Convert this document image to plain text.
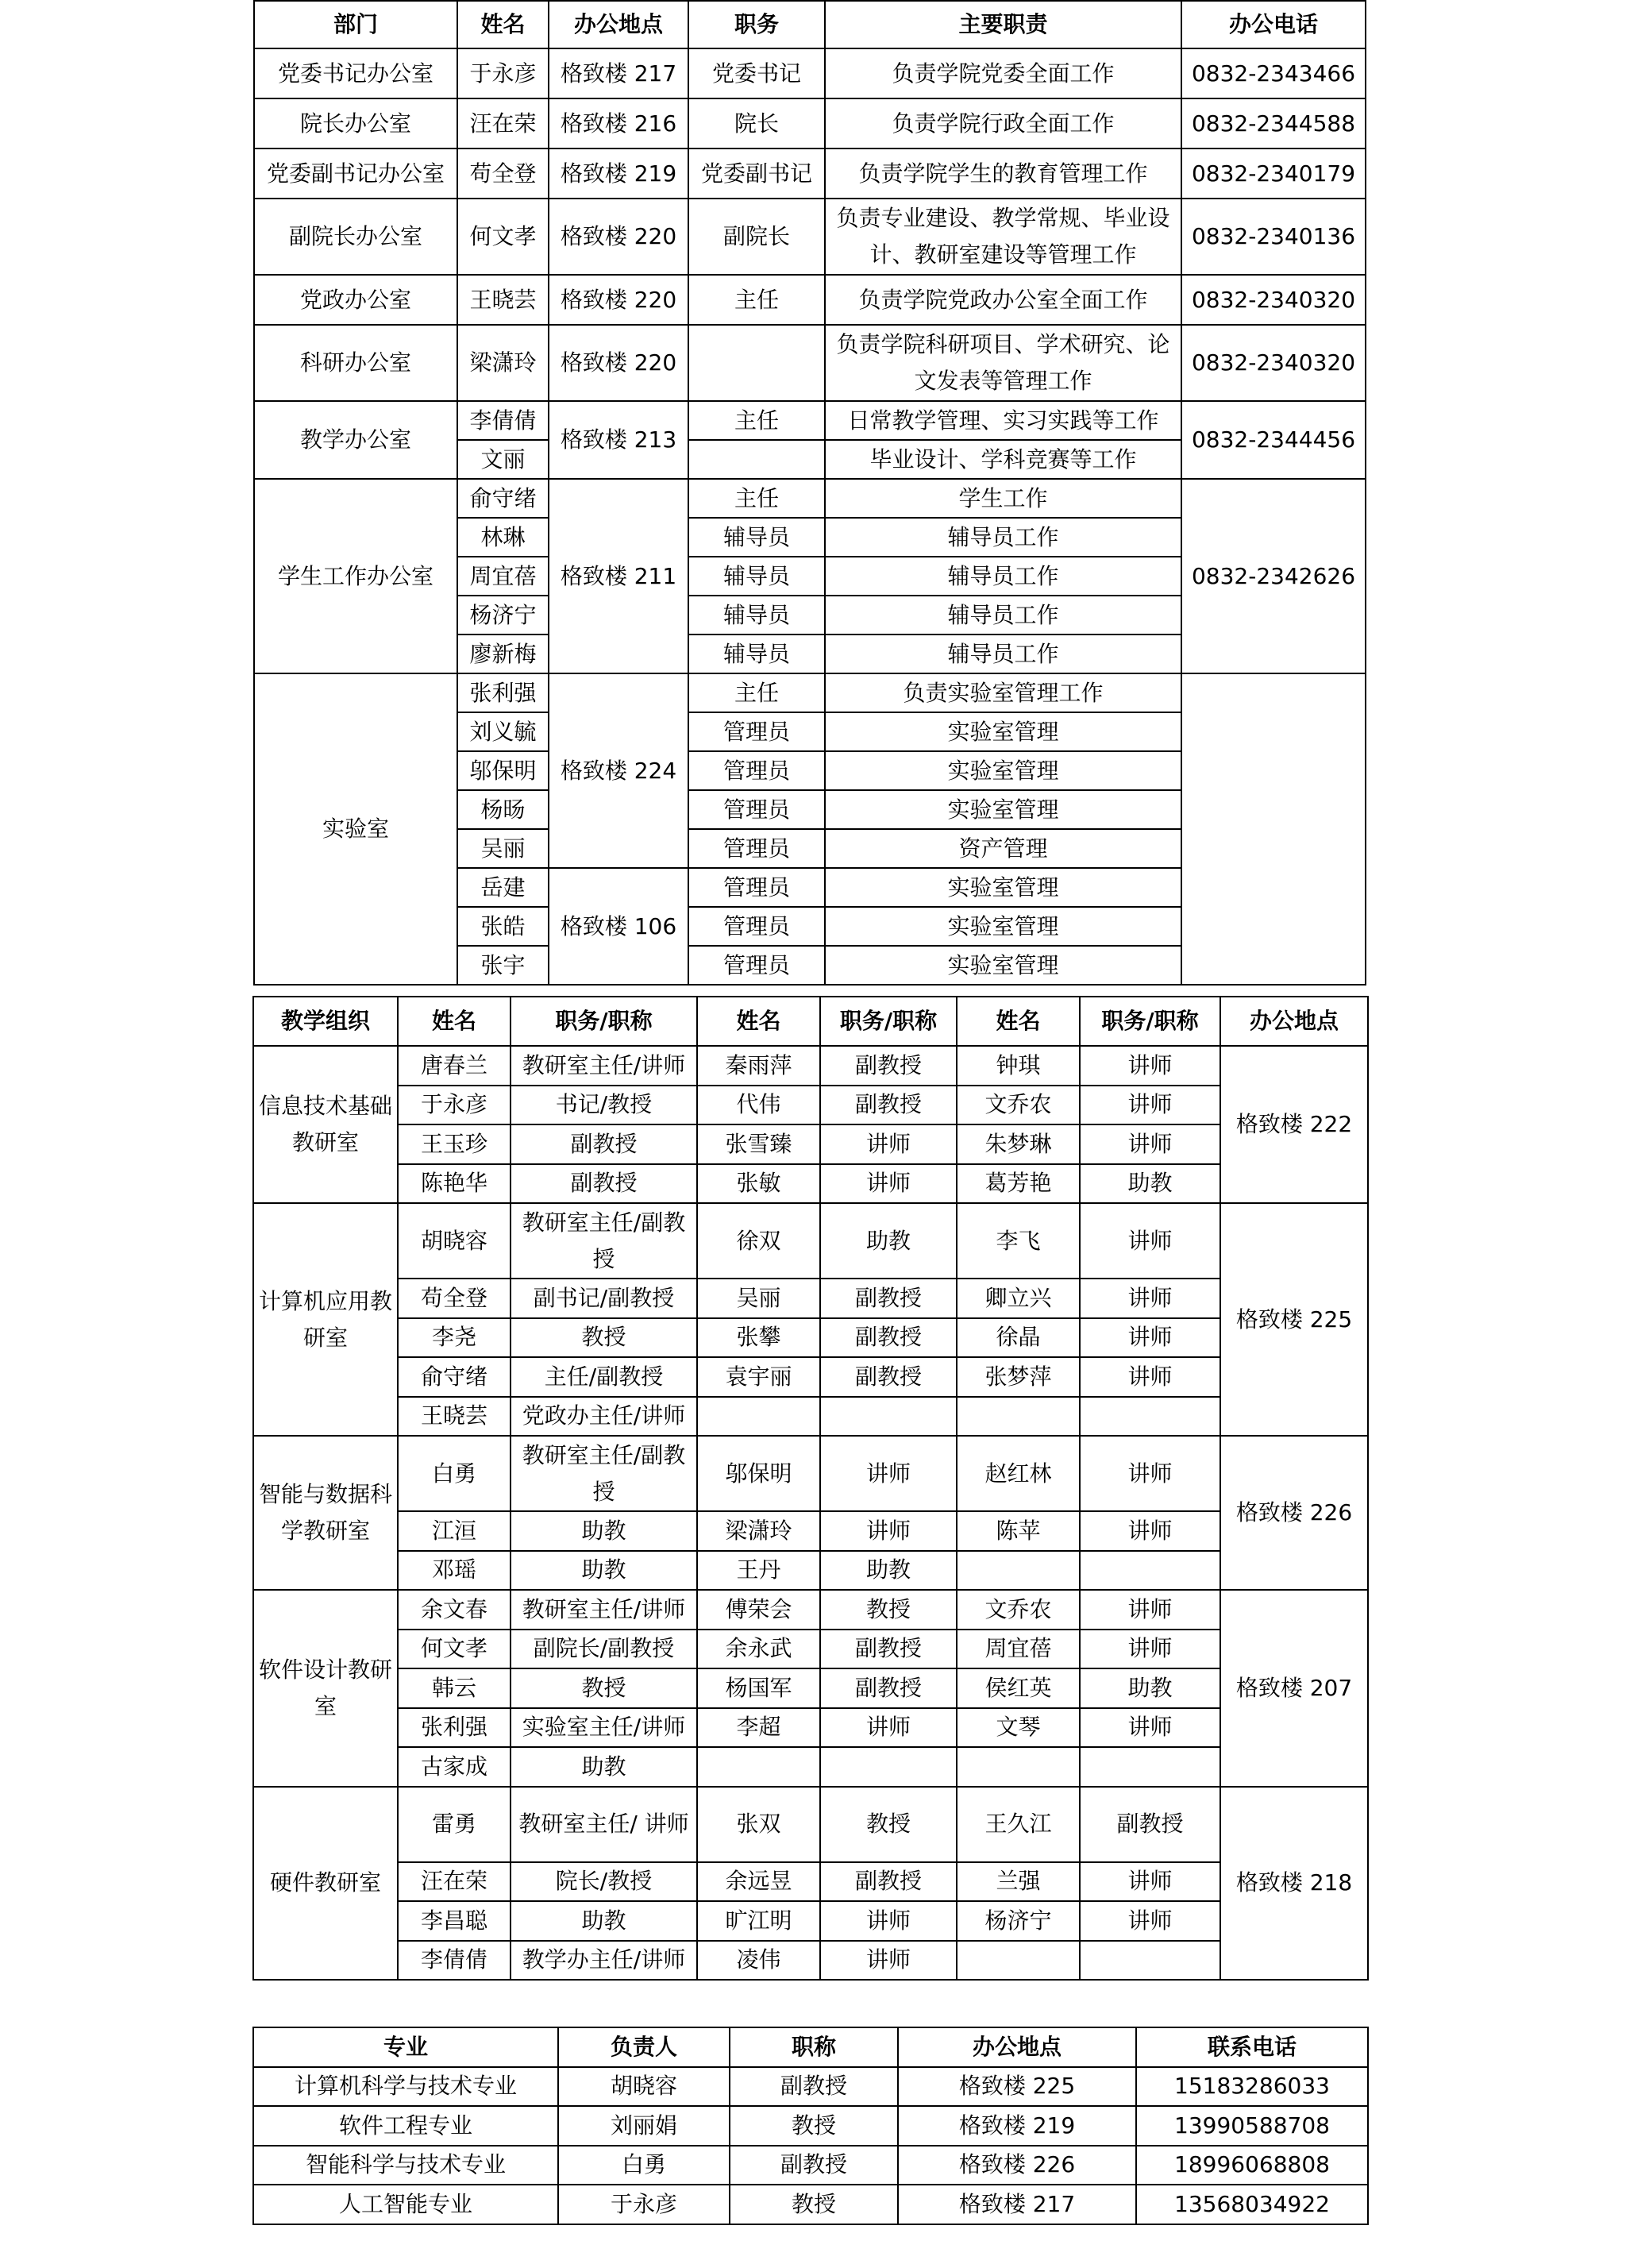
部门	姓名	办公地点	职务	主要职责	办公电话
党委书记办公室	于永彦	格致楼 217	党委书记	负责学院党委全面工作	0832-2343466
院长办公室	汪在荣	格致楼 216	院长	负责学院行政全面工作	0832-2344588
党委副书记办公室	苟全登	格致楼 219	党委副书记	负责学院学生的教育管理工作	0832-2340179
副院长办公室	何文孝	格致楼 220	副院长	负责专业建设、教学常规、毕业设计、教研室建设等管理工作	0832-2340136
党政办公室	王晓芸	格致楼 220	主任	负责学院党政办公室全面工作	0832-2340320
科研办公室	梁潇玲	格致楼 220		负责学院科研项目、学术研究、论文发表等管理工作	0832-2340320
教学办公室	李倩倩	格致楼 213	主任	日常教学管理、实习实践等工作	0832-2344456
	文丽			毕业设计、学科竞赛等工作	
学生工作办公室	俞守绪	格致楼 211	主任	学生工作	0832-2342626
	林琳		辅导员	辅导员工作	
	周宜蓓		辅导员	辅导员工作	
	杨济宁		辅导员	辅导员工作	
	廖新梅		辅导员	辅导员工作	
实验室	张利强	格致楼 224	主任	负责实验室管理工作	
	刘义毓		管理员	实验室管理	
	邬保明		管理员	实验室管理	
	杨旸		管理员	实验室管理	
	吴丽		管理员	资产管理	
	岳建	格致楼 106	管理员	实验室管理	
	张皓		管理员	实验室管理	
	张宇		管理员	实验室管理	
教学组织	姓名	职务/职称	姓名	职务/职称	姓名	职务/职称	办公地点
信息技术基础教研室	唐春兰	教研室主任/讲师	秦雨萍	副教授	钟琪	讲师	格致楼 222
	于永彦	书记/教授	代伟	副教授	文乔农	讲师	
	王玉珍	副教授	张雪臻	讲师	朱梦琳	讲师	
	陈艳华	副教授	张敏	讲师	葛芳艳	助教	
计算机应用教研室	胡晓容	教研室主任/副教授	徐双	助教	李飞	讲师	格致楼 225
	苟全登	副书记/副教授	吴丽	副教授	卿立兴	讲师	
	李尧	教授	张攀	副教授	徐晶	讲师	
	俞守绪	主任/副教授	袁宇丽	副教授	张梦萍	讲师	
	王晓芸	党政办主任/讲师					
智能与数据科学教研室	白勇	教研室主任/副教授	邬保明	讲师	赵红林	讲师	格致楼 226
	江洹	助教	梁潇玲	讲师	陈苹	讲师	
	邓瑶	助教	王丹	助教			
软件设计教研室	余文春	教研室主任/讲师	傅荣会	教授	文乔农	讲师	格致楼 207
	何文孝	副院长/副教授	余永武	副教授	周宜蓓	讲师	
	韩云	教授	杨国军	副教授	侯红英	助教	
	张利强	实验室主任/讲师	李超	讲师	文琴	讲师	
	古家成	助教					
硬件教研室	雷勇	教研室主任/ 讲师	张双	教授	王久江	副教授	格致楼 218
	汪在荣	院长/教授	余远昱	副教授	兰强	讲师	
	李昌聪	助教	旷江明	讲师	杨济宁	讲师	
	李倩倩	教学办主任/讲师	凌伟	讲师			
专业	负责人	职称	办公地点	联系电话
计算机科学与技术专业	胡晓容	副教授	格致楼 225	15183286033
软件工程专业	刘丽娟	教授	格致楼 219	13990588708
智能科学与技术专业	白勇	副教授	格致楼 226	18996068808
人工智能专业	于永彦	教授	格致楼 217	13568034922
